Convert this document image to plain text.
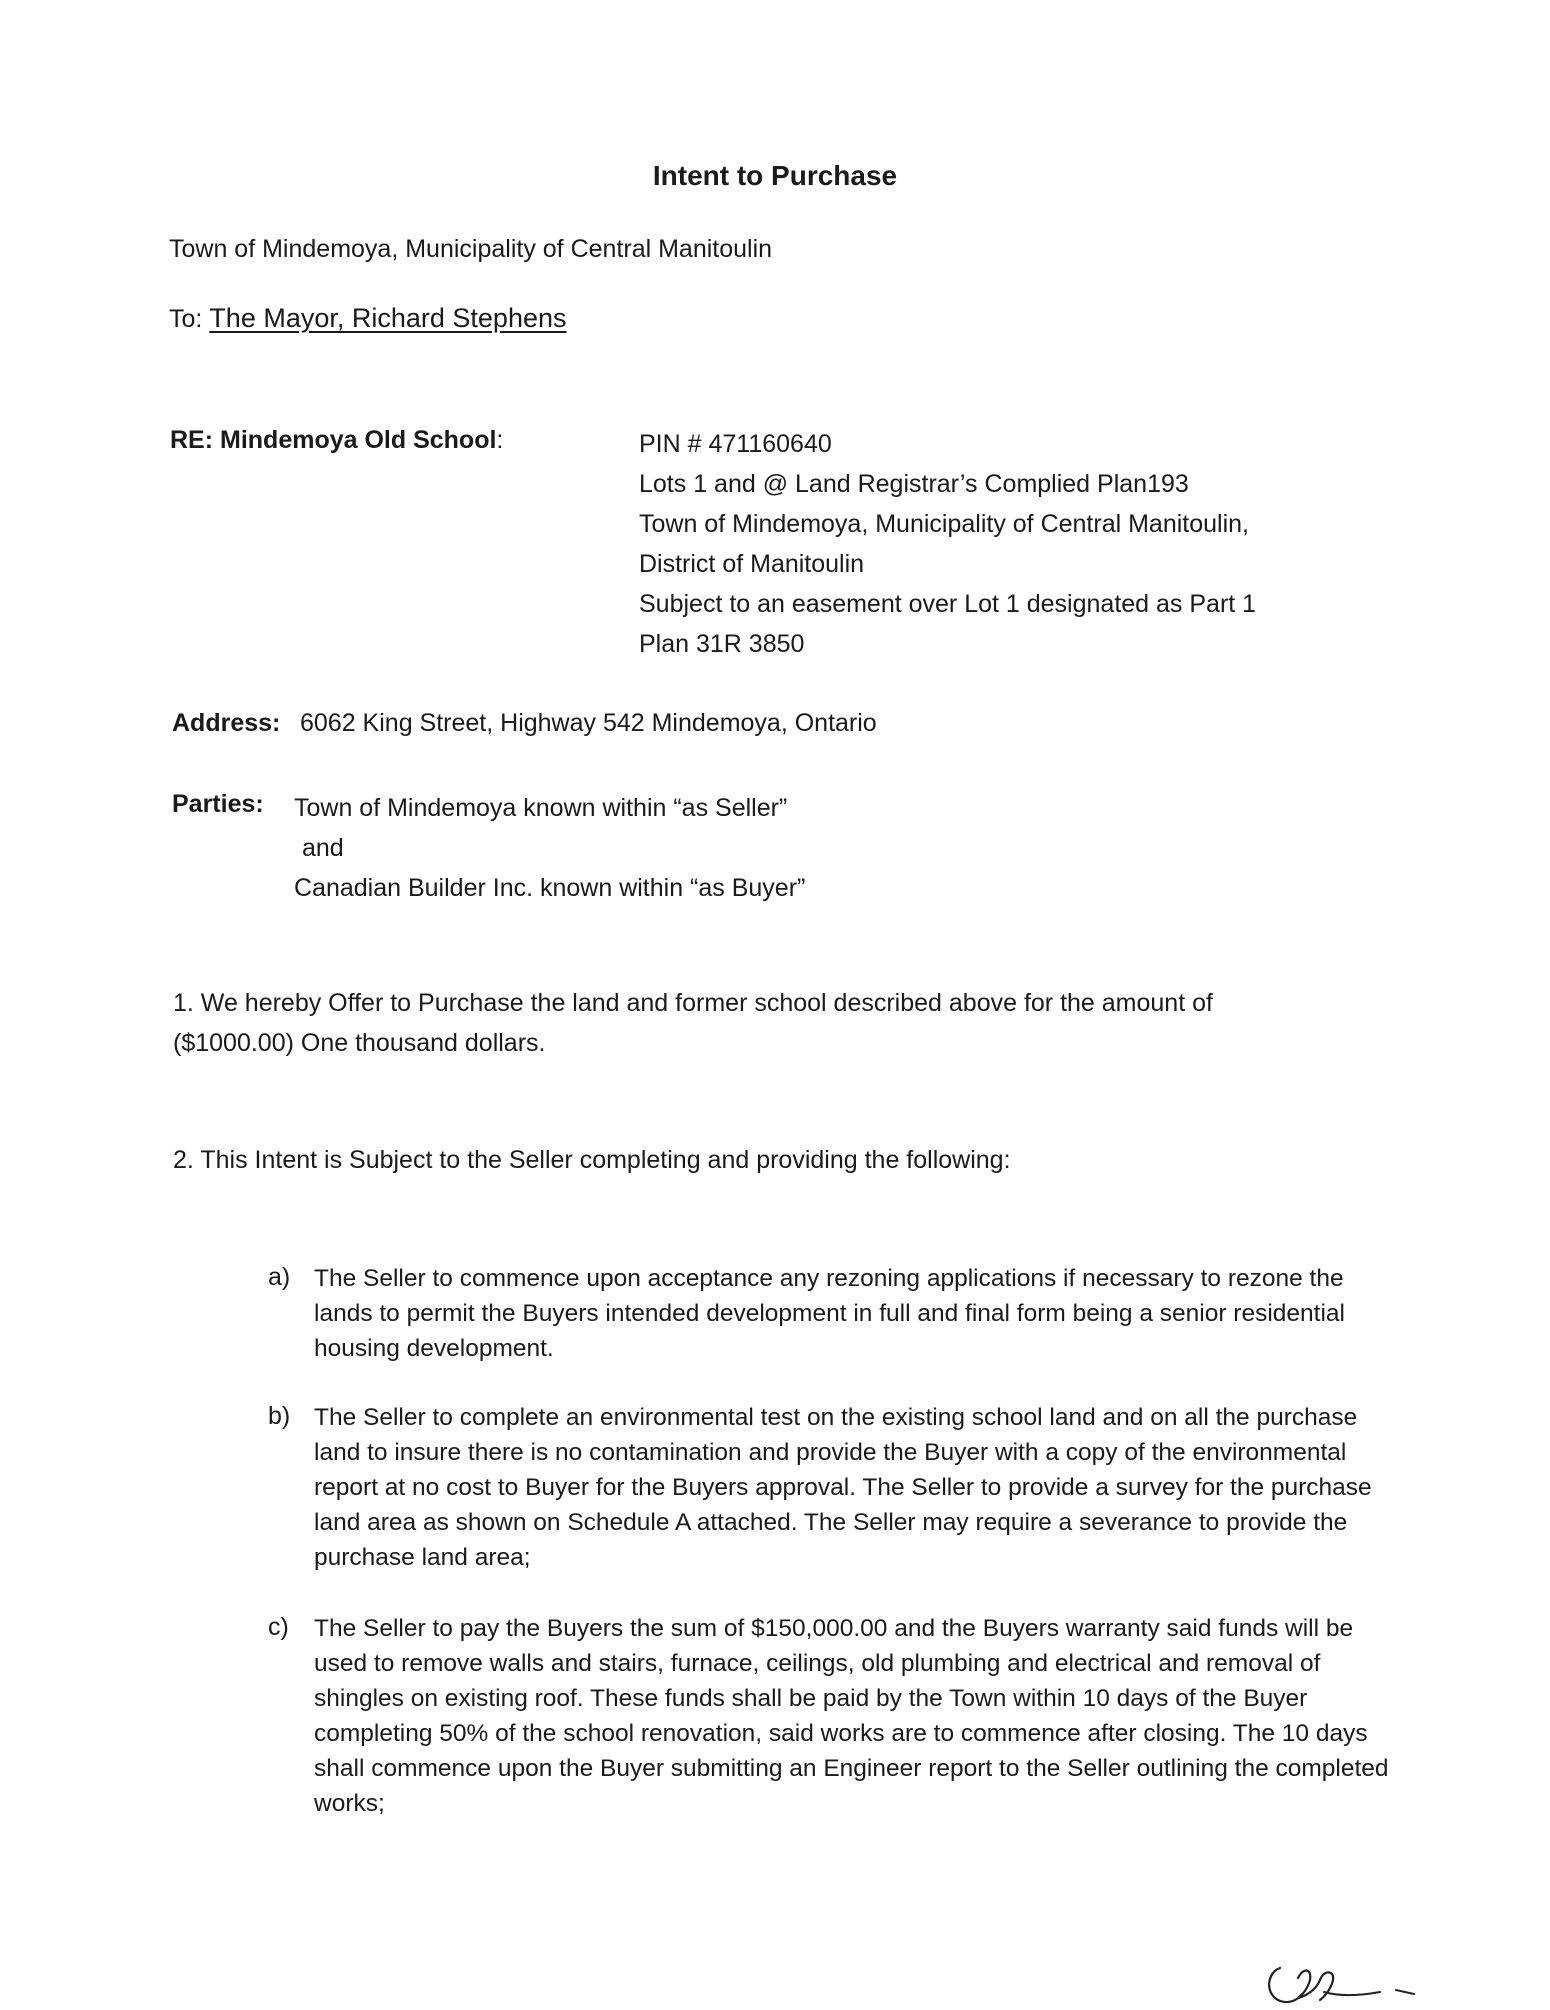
Intent to Purchase
Town of Mindemoya, Municipality of Central Manitoulin
To: The Mayor, Richard Stephens
RE: Mindemoya Old School:	PIN # 471160640
Lots 1 and @ Land Registrar’s Complied Plan193
Town of Mindemoya, Municipality of Central Manitoulin,
District of Manitoulin
Subject to an easement over Lot 1 designated as Part 1
Plan 31R 3850
Address: 6062 King Street, Highway 542 Mindemoya, Ontario
Parties: Town of Mindemoya known within “as Seller”
and
Canadian Builder Inc. known within “as Buyer”
1. We hereby Offer to Purchase the land and former school described above for the amount of
($1000.00) One thousand dollars.
2. This Intent is Subject to the Seller completing and providing the following:
a) The Seller to commence upon acceptance any rezoning applications if necessary to rezone the lands to permit the Buyers intended development in full and final form being a senior residential housing development.
b) The Seller to complete an environmental test on the existing school land and on all the purchase land to insure there is no contamination and provide the Buyer with a copy of the environmental report at no cost to Buyer for the Buyers approval. The Seller to provide a survey for the purchase land area as shown on Schedule A attached. The Seller may require a severance to provide the purchase land area;
c) The Seller to pay the Buyers the sum of $150,000.00 and the Buyers warranty said funds will be used to remove walls and stairs, furnace, ceilings, old plumbing and electrical and removal of shingles on existing roof. These funds shall be paid by the Town within 10 days of the Buyer completing 50% of the school renovation, said works are to commence after closing. The 10 days shall commence upon the Buyer submitting an Engineer report to the Seller outlining the completed works;
